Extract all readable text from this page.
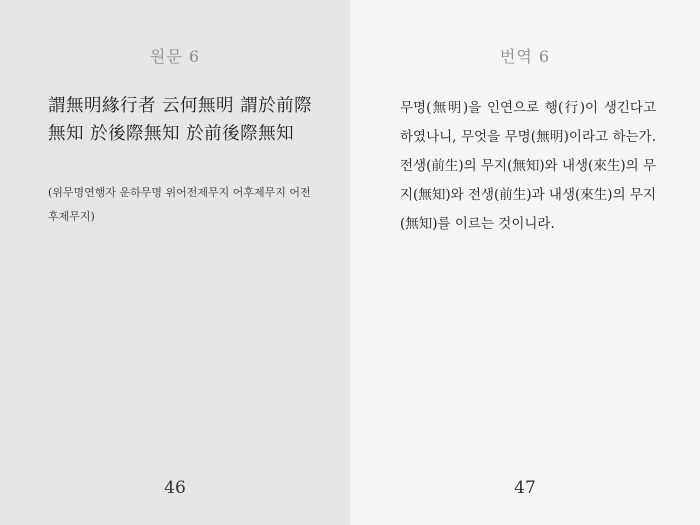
원문 6

謂無明緣行者 云何無明 謂於前際無知 於後際無知 於前後際無知

(위무명연행자 운하무명 위어전제무지 어후제무지 어전후제무지)

46
번역 6
47

무명(無明)을 인연으로 행(行)이 생긴다고 하였나니, 무엇을 무명(無明)이라고 하는가. 전생(前生)의 무지(無知)와 내생(來生)의 무지(無知)와 전생(前生)과 내생(來生)의 무지(無知)를 이르는 것이니라.
